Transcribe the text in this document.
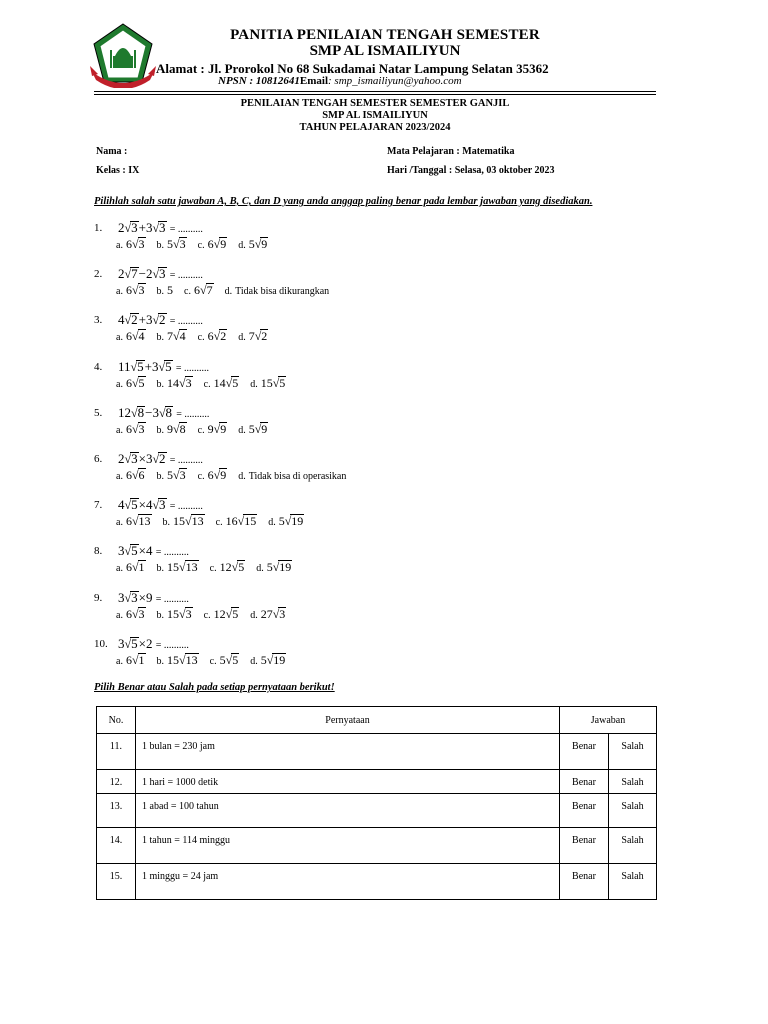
PANITIA PENILAIAN TENGAH SEMESTER
SMP AL ISMAILIYUN
Alamat : Jl. Prorokol No 68 Sukadamai Natar Lampung Selatan 35362
NPSN : 10812641Email: smp_ismailiyun@yahoo.com
PENILAIAN TENGAH SEMESTER SEMESTER GANJIL
SMP AL ISMAILIYUN
TAHUN PELAJARAN 2023/2024
Nama :
Kelas : IX
Mata Pelajaran : Matematika
Hari /Tanggal : Selasa, 03 oktober 2023
Pilihlah salah satu jawaban A, B, C, dan D yang anda anggap paling benar pada lembar jawaban yang disediakan.
1.	2√3+3√3 = ..........
a. 6√3 b. 5√3 c. 6√9 d. 5√9
2.	2√7−2√3 = ..........
a. 6√3 b. 5 c. 6√7 d. Tidak bisa dikurangkan
3.	4√2+3√2 = ..........
a. 6√4 b. 7√4 c. 6√2 d. 7√2
4.	11√5+3√5 = ..........
a. 6√5 b. 14√3 c. 14√5 d. 15√5
5.	12√8−3√8 = ..........
a. 6√3 b. 9√8 c. 9√9 d. 5√9
6.	2√3×3√2 = ..........
a. 6√6 b. 5√3 c. 6√9 d. Tidak bisa di operasikan
7.	4√5×4√3 = ..........
a. 6√13 b. 15√13 c. 16√15 d. 5√19
8.	3√5×4 = ..........
a. 6√1 b. 15√13 c. 12√5 d. 5√19
9.	3√3×9 = ..........
a. 6√3 b. 15√3 c. 12√5 d. 27√3
10. 3√5×2 = ..........
a. 6√1 b. 15√13 c. 5√5 d. 5√19
Pilih Benar atau Salah pada setiap pernyataan berikut!
No.	Pernyataan	Jawaban	
11.	1 bulan = 230 jam	Benar	Salah
12.	1 hari = 1000 detik	Benar	Salah
13.	1 abad = 100 tahun	Benar	Salah
14.	1 tahun = 114 minggu	Benar	Salah
15.	1 minggu = 24 jam	Benar	Salah
